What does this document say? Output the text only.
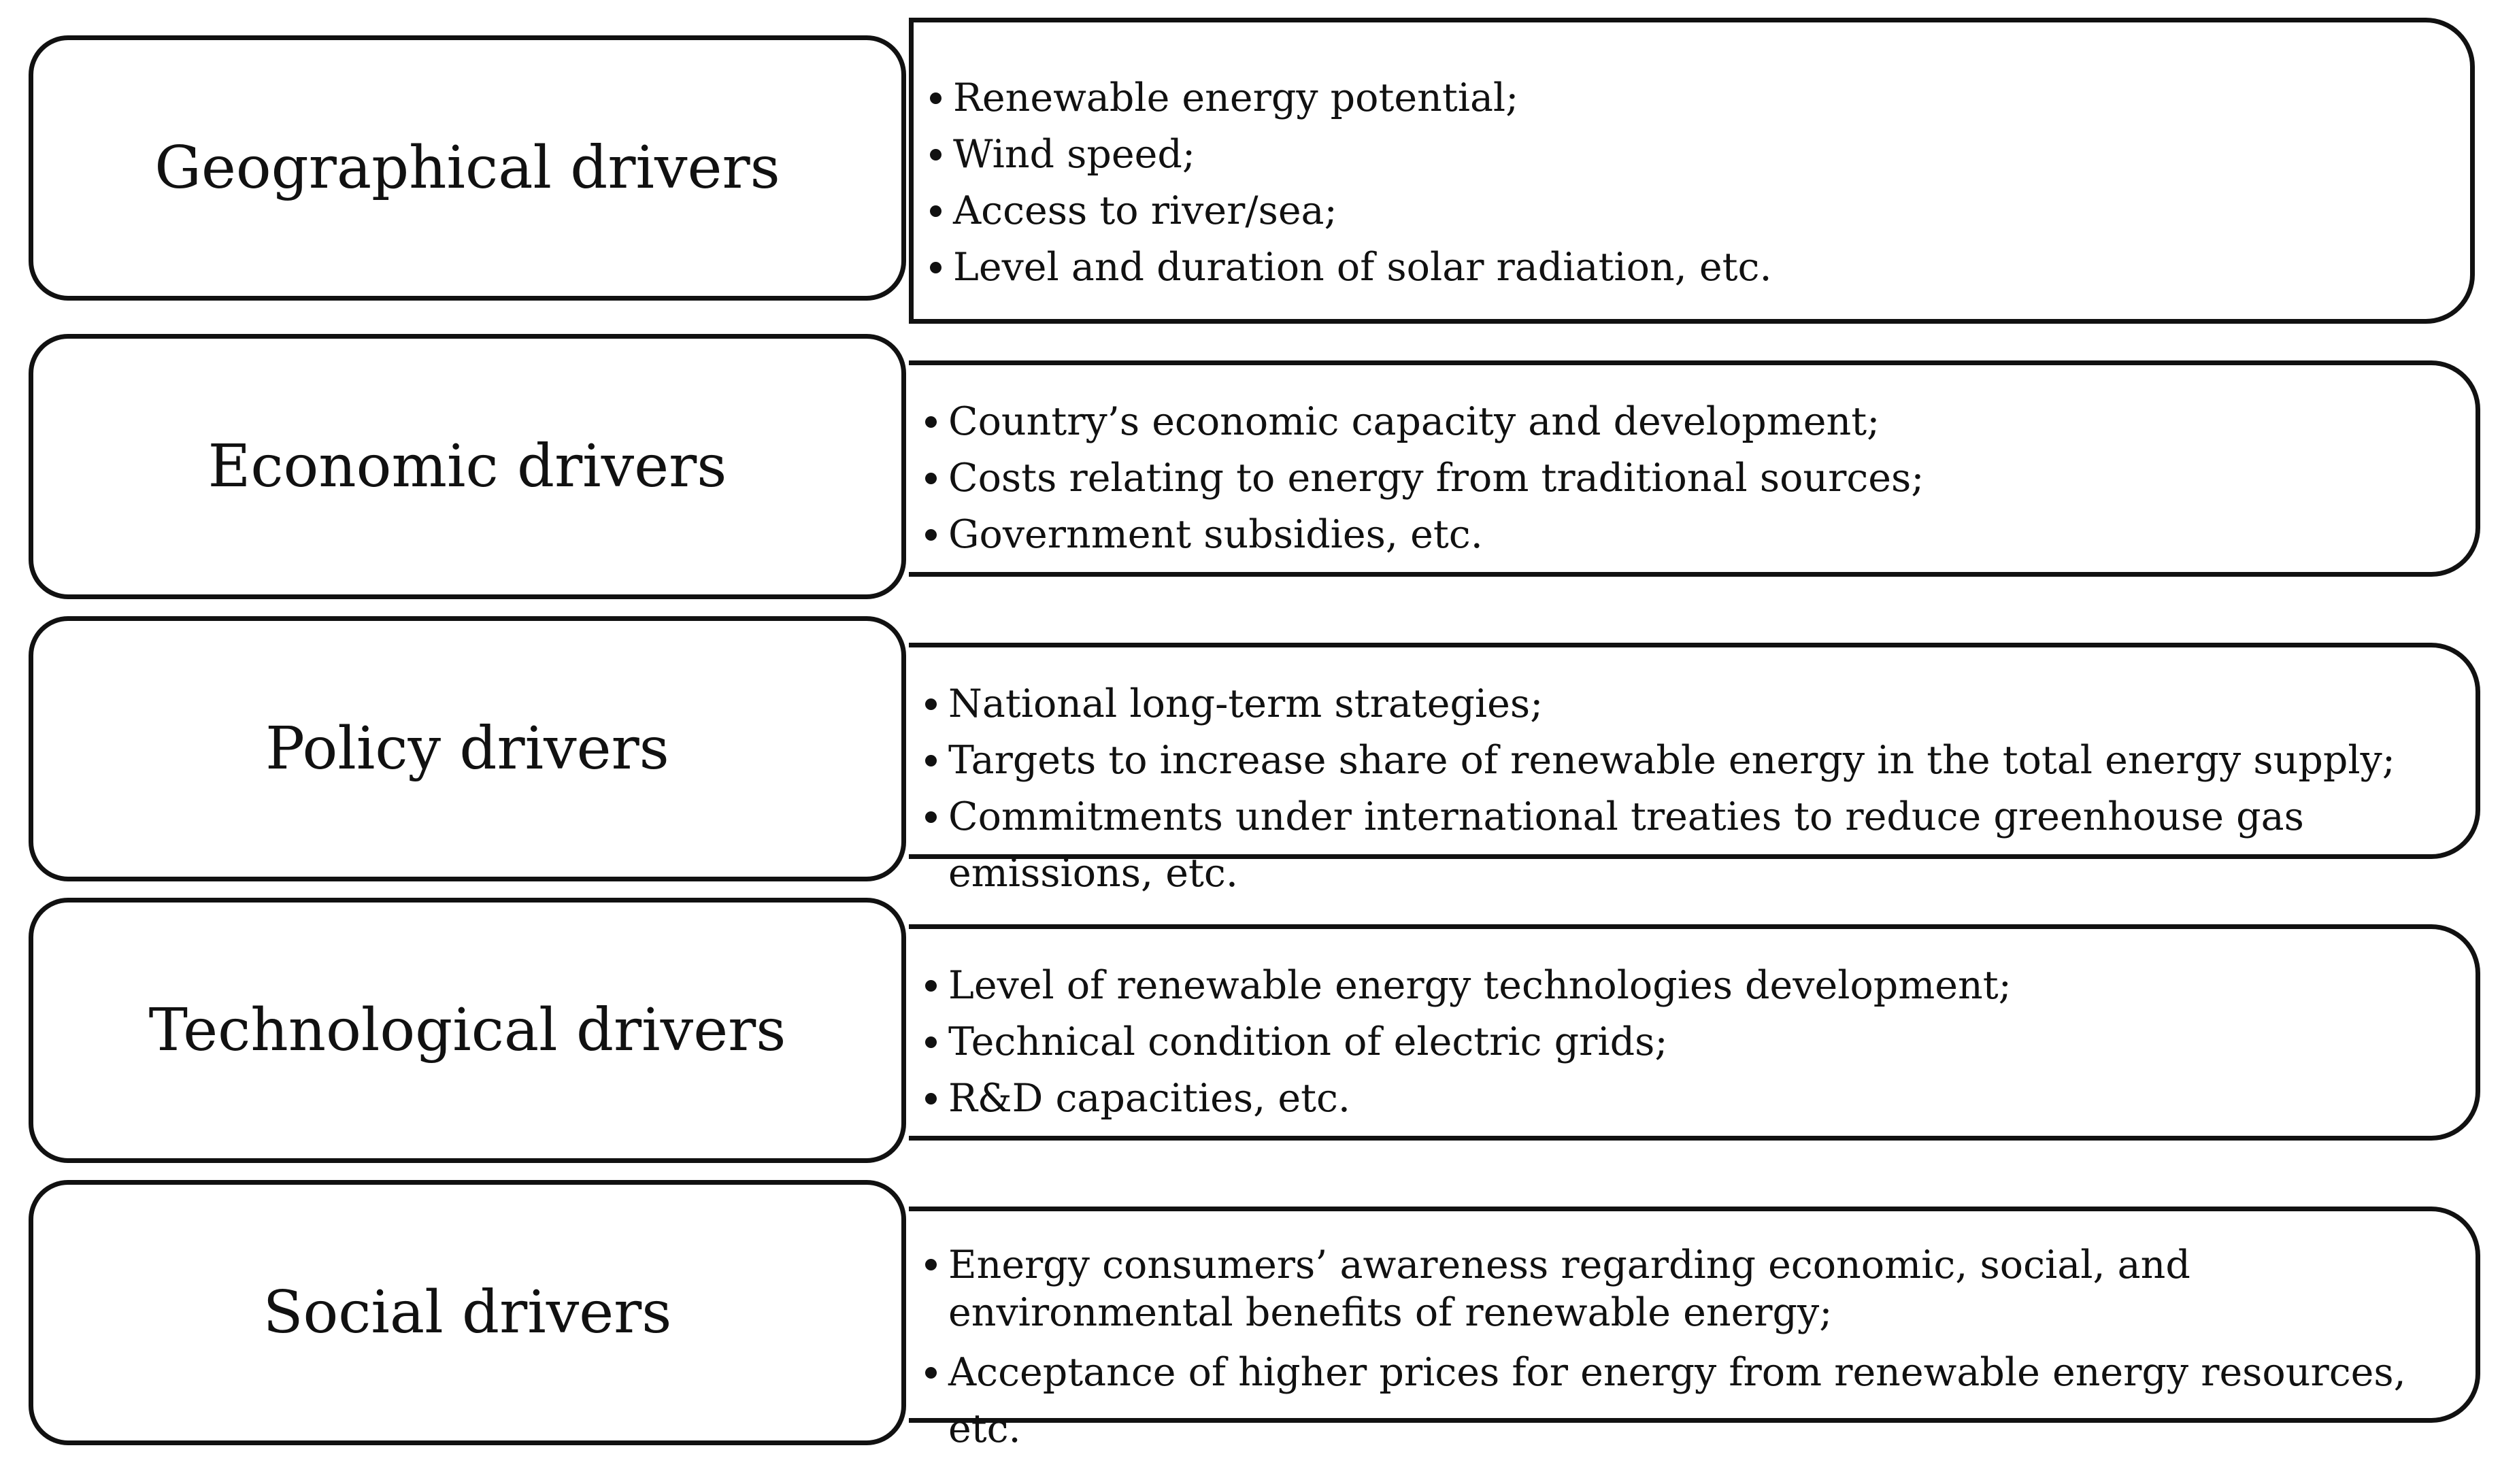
Geographical drivers
Renewable energy potential;
Wind speed;
Access to river/sea;
Level and duration of solar radiation, etc.
Economic drivers
Country’s economic capacity and development;
Costs relating to energy from traditional sources;
Government subsidies, etc.
Policy drivers
National long-term strategies;
Targets to increase share of renewable energy in the total energy supply;
Commitments under international treaties to reduce greenhouse gas emissions, etc.
Technological drivers
Level of renewable energy technologies development;
Technical condition of electric grids;
R&D capacities, etc.
Social drivers
Energy consumers’ awareness regarding economic, social, and environmental benefits of renewable energy;
Acceptance of higher prices for energy from renewable energy resources, etc.
